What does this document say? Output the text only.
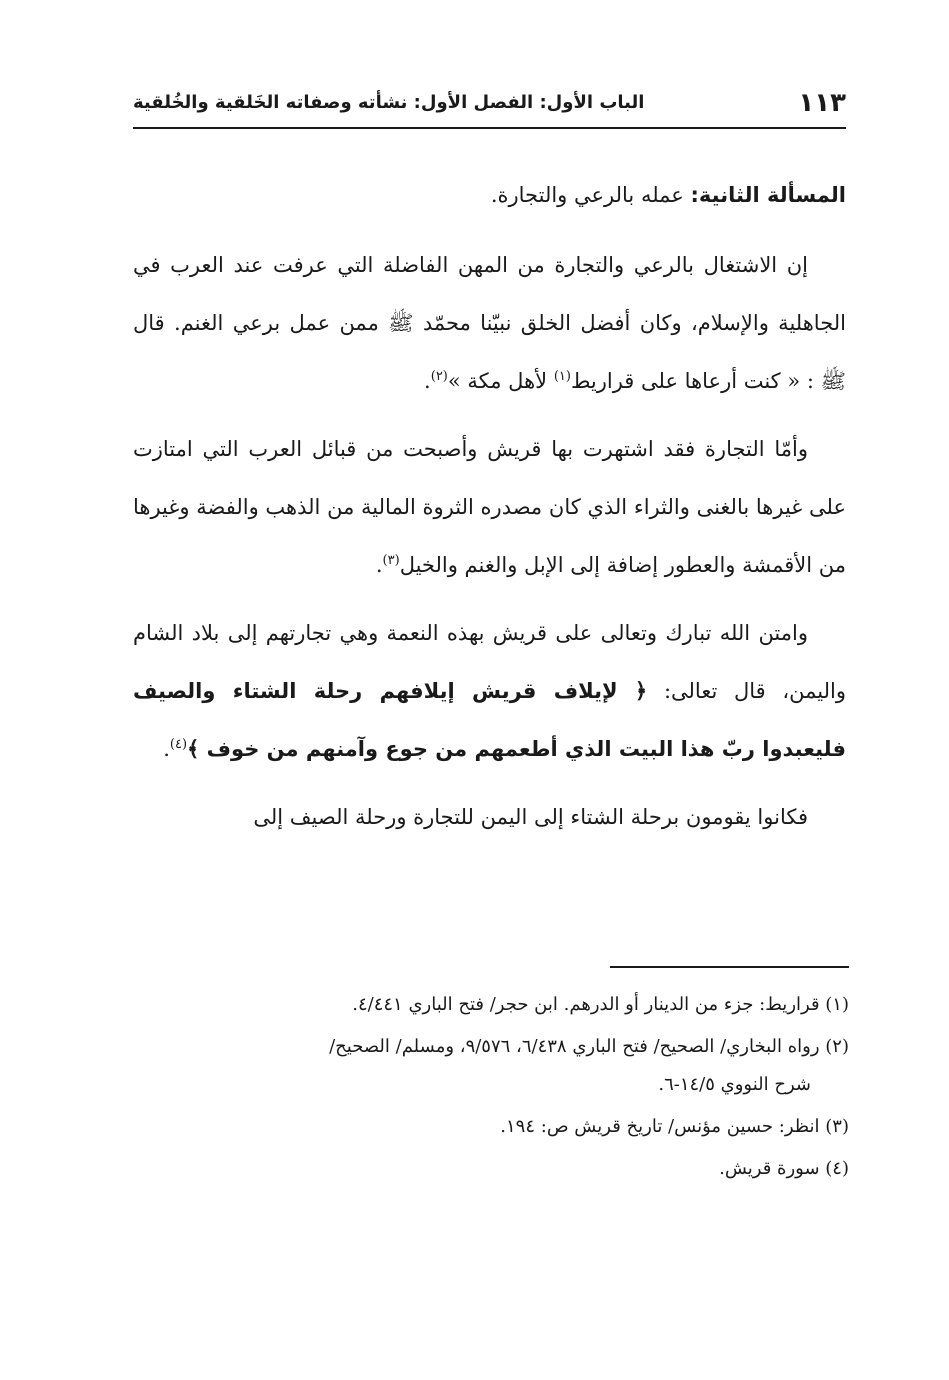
١١٣
الباب الأول: الفصل الأول: نشأته وصفاته الخَلقية والخُلقية

المسألة الثانية: عمله بالرعي والتجارة.

إن الاشتغال بالرعي والتجارة من المهن الفاضلة التي عرفت عند العرب في الجاهلية والإسلام، وكان أفضل الخلق نبيّنا محمّد ﷺ ممن عمل برعي الغنم. قال ﷺ : « كنت أرعاها على قراريط$^{(١)}$ لأهل مكة »$^{(٢)}$.

وأمّا التجارة فقد اشتهرت بها قريش وأصبحت من قبائل العرب التي امتازت على غيرها بالغنى والثراء الذي كان مصدره الثروة المالية من الذهب والفضة وغيرها من الأقمشة والعطور إضافة إلى الإبل والغنم والخيل$^{(٣)}$.

وامتن الله تبارك وتعالى على قريش بهذه النعمة وهي تجارتهم إلى بلاد الشام واليمن، قال تعالى: ﴿ لإيلاف قريش إيلافهم رحلة الشتاء والصيف فليعبدوا ربّ هذا البيت الذي أطعمهم من جوع وآمنهم من خوف ﴾$^{(٤)}$.

فكانوا يقومون برحلة الشتاء إلى اليمن للتجارة ورحلة الصيف إلى

(١) قراريط: جزء من الدينار أو الدرهم. ابن حجر/ فتح الباري ٤/٤٤١.

(٢) رواه البخاري/ الصحيح/ فتح الباري ٦/٤٣٨، ٩/٥٧٦، ومسلم/ الصحيح/

شرح النووي ١٤/٥-٦.

(٣) انظر: حسين مؤنس/ تاريخ قريش ص: ١٩٤.

(٤) سورة قريش.
